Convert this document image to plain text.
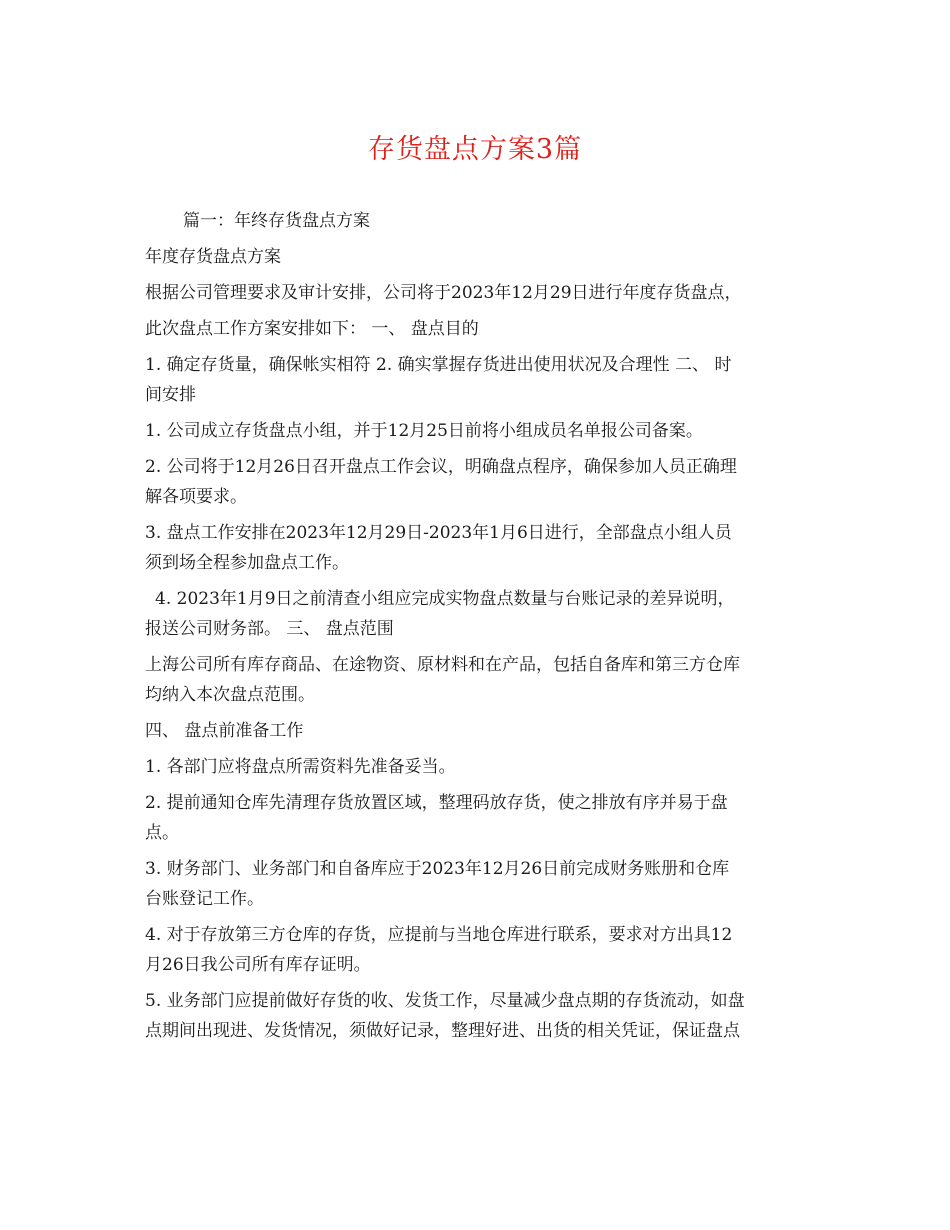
存货盘点方案3篇

篇一：年终存货盘点方案

年度存货盘点方案

根据公司管理要求及审计安排，公司将于2023年12月29日进行年度存货盘点，

此次盘点工作方案安排如下： 一、 盘点目的

1. 确定存货量，确保帐实相符 2. 确实掌握存货进出使用状况及合理性 二、 时

间安排

1. 公司成立存货盘点小组，并于12月25日前将小组成员名单报公司备案。

2. 公司将于12月26日召开盘点工作会议，明确盘点程序，确保参加人员正确理

解各项要求。

3. 盘点工作安排在2023年12月29日-2023年1月6日进行，全部盘点小组人员

须到场全程参加盘点工作。

4. 2023年1月9日之前清查小组应完成实物盘点数量与台账记录的差异说明，

报送公司财务部。 三、 盘点范围

上海公司所有库存商品、在途物资、原材料和在产品，包括自备库和第三方仓库

均纳入本次盘点范围。

四、 盘点前准备工作

1. 各部门应将盘点所需资料先准备妥当。

2. 提前通知仓库先清理存货放置区域，整理码放存货，使之排放有序并易于盘

点。

3. 财务部门、业务部门和自备库应于2023年12月26日前完成财务账册和仓库

台账登记工作。

4. 对于存放第三方仓库的存货，应提前与当地仓库进行联系，要求对方出具12

月26日我公司所有库存证明。

5. 业务部门应提前做好存货的收、发货工作，尽量减少盘点期的存货流动，如盘

点期间出现进、发货情况，须做好记录，整理好进、出货的相关凭证，保证盘点
